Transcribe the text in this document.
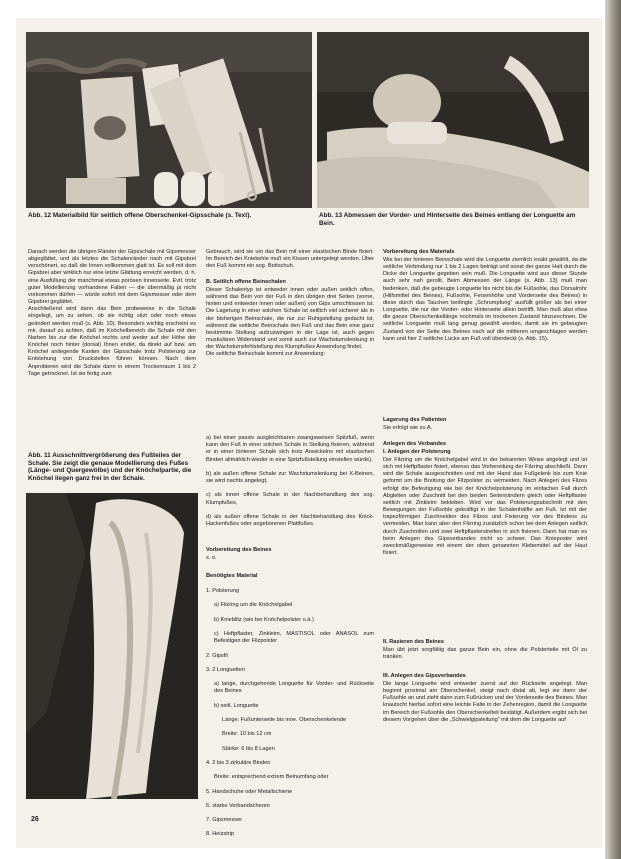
Abb. 12 Materialbild für seitlich offene Oberschenkel-Gipsschale (s. Text).	Abb. 13 Abmessen der Vorder- und Hinterseite des Beines entlang der Longuette am Bein.
Danach werden die übrigen Ränder der Gipsschale mit Gipsmesser abgeglättet, und als letztes die Schalenränder nach mit Gipsbrei verschönert, so daß die Innen vollkommen glatt ist. Es soll mit dem Gipsbrei aber wirklich nur eine letzte Glättung erreicht werden, d. h. eine Ausfüllung der manchmal etwas porösen Innenseite. Evtl. trotz guter Modellierung vorhandene Falten — die übermäßig ja nicht vorkommen dürfen — würde sofort mit dem Gipsmesser oder dem Gipsbrei geglättet.
Anschließend wird dann das Bein probeweise in die Schale eingelegt, um zu sehen, ob sie richtig sitzt oder noch etwas geändert werden muß (s. Abb. 10). Besonders wichtig erscheint es mir, darauf zu achten, daß im Knöchelbereich die Schale mit den Narben bis zur die Knöchel rechts und weder auf der Höhe der Knöchel noch hinter (dorsal) Ihnen endet, da direkt auf bzw. am Knöchel anliegende Kanten der Gipsschale trotz Polsterung zur Entstehung von Druckstellen führen können. Nach dem Anprobieren wird die Schale dann in einem Trockenraum 1 bis 2 Tage getrocknet. Ist sie fertig zum
Abb. 11 Ausschnittvergrößerung des Fußteiles der Schale. Sie zeigt die genaue Modellierung des Fußes (Länge- und Quergewölbe) und der Knöchelpartie, die Knöchel liegen ganz frei in der Schale.
Gebrauch, wird sie um das Bein mit einer elastischen Binde fixiert. Im Bereich der Kniekehle muß ein Kissen untergelegt werden. Über den Fuß kommt ein sog. Bettschuh.
B. Seitlich offene Beinschalen
Dieser Schalentyp ist entweder innen oder außen seitlich offen, während das Bein von der Fuß in den übrigen drei Seiten (vorne, hinten und entweder innen oder außen) von Gips umschlossen ist. Die Lagerung in einer solchen Schale ist seitlich viel sicherer als in der bisherigen Beinschale, die nur zur Ruhigstellung gedacht ist, während die seitliche Beinschale den Fuß und das Bein eine ganz bestimmte Stellung aufzuzwingen in der Lage ist, auch gegen muskulären Widerstand und somit auch zur Wachstumslenkung in der Wachstumsfehlstellung des Klumpfußes Anwendung findet.
Die seitliche Beinschale kommt zur Anwendung:

a) bei einer passiv ausgleichbaren zwangsweisen Spitzfuß, wenn kann den Fuß in einer solchen Schale in Stellung fixieren, während er in einer hinteren Schale sich trotz Anwickelns mit elastischen Binden allmählich wieder in eine Spitzfußstellung einstellen würde),

b) als außen offene Schale zur Wachstumslenkung bei X-Beinen, sie wird nachts angelegt,

c) als innen offene Schale in der Nachbehandlung des sog. Klumpfußes,

d) als außen offene Schale in der Nachbehandlung des Knick-Hackenfußes oder angeborenen Plattfußes.

Vorbereitung des Beines
s. o.
Benötigtes Material

1. Polsterung

a) Filzring um die Knöchelgabel

b) Knieblitz (wie bei Knöchelpolster o.ä.)

c) Heftpflaster, Zinkleim, MASTISOL oder ANASOL zum Befestigen der Filzpolster

2. Gipsfil

3. 2 Longuetten

a) lange, durchgehende Longuette für Vorder- und Rückseite des Beines

b) seitl. Longuette

Länge: Fußunterseite bis inne. Oberschenkelende

Breite: 10 bis 12 cm

Stärke: 6 bis 8 Lagen

4. 2 bis 3 zirkuläre Binden

Breite: entsprechend extrem Beinumfang oder

5. Handschuhe oder Metallschiene

6. starke Verbandscheren

7. Gipsmesser

8. Heizstrip

Vorbereitung des Materials
Wie bei der hinteren Beinschale wird die Longuette ziemlich exakt gewählt, da die seitliche Verbindung nur 1 bis 2 Lagen beträgt und sonst der ganze Halt durch die Dicke der Longuette gegeben sein muß. Die Longuette wird aus dieser Stunde auch sehr nah gerollt. Beim Abmessen der Länge (s. Abb. 13) muß man bedenken, daß die gebeugte Longuette bis nicht bis die Fußsohle, das Dorsalrohr (Hilfsmittel des Beines), Fußsohle, Fersenhöhe und Vorderseite des Beines) in diese durch das Tauchen bedingte „Schrumpfung“ ausfüllt größer als bei einer Longuette, die nur der Vorder- oder Hinterseite allein betrifft. Man muß also etwa die ganze Oberschenkellänge nochmals im trockenen Zustand hinzurechnen. Die seitliche Longuette muß lang genug gewählt werden, damit sie im gebeugten Zustand von der Seite des Beines nach auf die mittleren umgeschlagen werden kann und hier 2 seitliche Lücke am Fuß voll überdeckt (s. Abb. 15).
Lagerung des Patienten
Sie erfolgt wie zu A.
Anlegen des Verbandes
I. Anlegen der Polsterung
Der Filzring um die Knöchelgabel wird in der bekannten Weise angelegt und ist sich mit Heftpflaster fixiert, ebenso das Vorbereitung der Filzring abschließt. Dann wird die Schale ausgeschnitten und mit der Hand das Fußgelenk bis zum Knie geformt um die Breitung der Filzpolster zu vermeiden. Nach Anlegen des Filzes erfolgt die Befestigung wie bei der Knöchelpolsterung im einfachen Fall durch Abgleiten oder Zuschnitt bei den beiden Seitenrändern gleich oder Heftpflaster seitlich mit Zinkleim bekleben. Wird vor das Polsterungsabschnitt mit den Bewegungen der Fußsohle gekräftigt in der Schalenhälfte am Fuß. Ist mit der trapezförmigen Zuschneiden des Filzes und Fixierung vor des Bindens zu vermeiden, Man kann aber den Filzring zusätzlich schon bei dem Anlegen seitlich durch Zuschnitten und zwei Heftpflasterstreifen in sich fixieren. Dann hat man es beim Anlegen des Gipsverbandes nicht so schwer. Das Knieposter wird zweckmäßigerweise mit einem der oben genannten Klebemittel auf der Haut fixiert.
II. Rasieren des Beines
Man übt jetzt sorgfältig das ganze Bein ein, ohne die Polsterteile mit Öl zu tränken.
III. Anlegen des Gipsverbandes
Die lange Longuette wird entweder zuerst auf der Rückseite angelegt. Man beginnt proximal am Oberschenkel, steigt nach distal ab, legt sie dann der Fußsohle an und zieht dann zum Fußrücken und der Vorderseite des Beines. Man knautscht hierbei sofort eine leichte Falte in der Zehenregion, damit die Longuette im Bereich der Fußsohle den Oberschenkelteil bestätigt. Außerdem ergibt sich bei diesem Vorgehen über die „Schwielgipsleitung“ mit dem die Longuette auf
26
